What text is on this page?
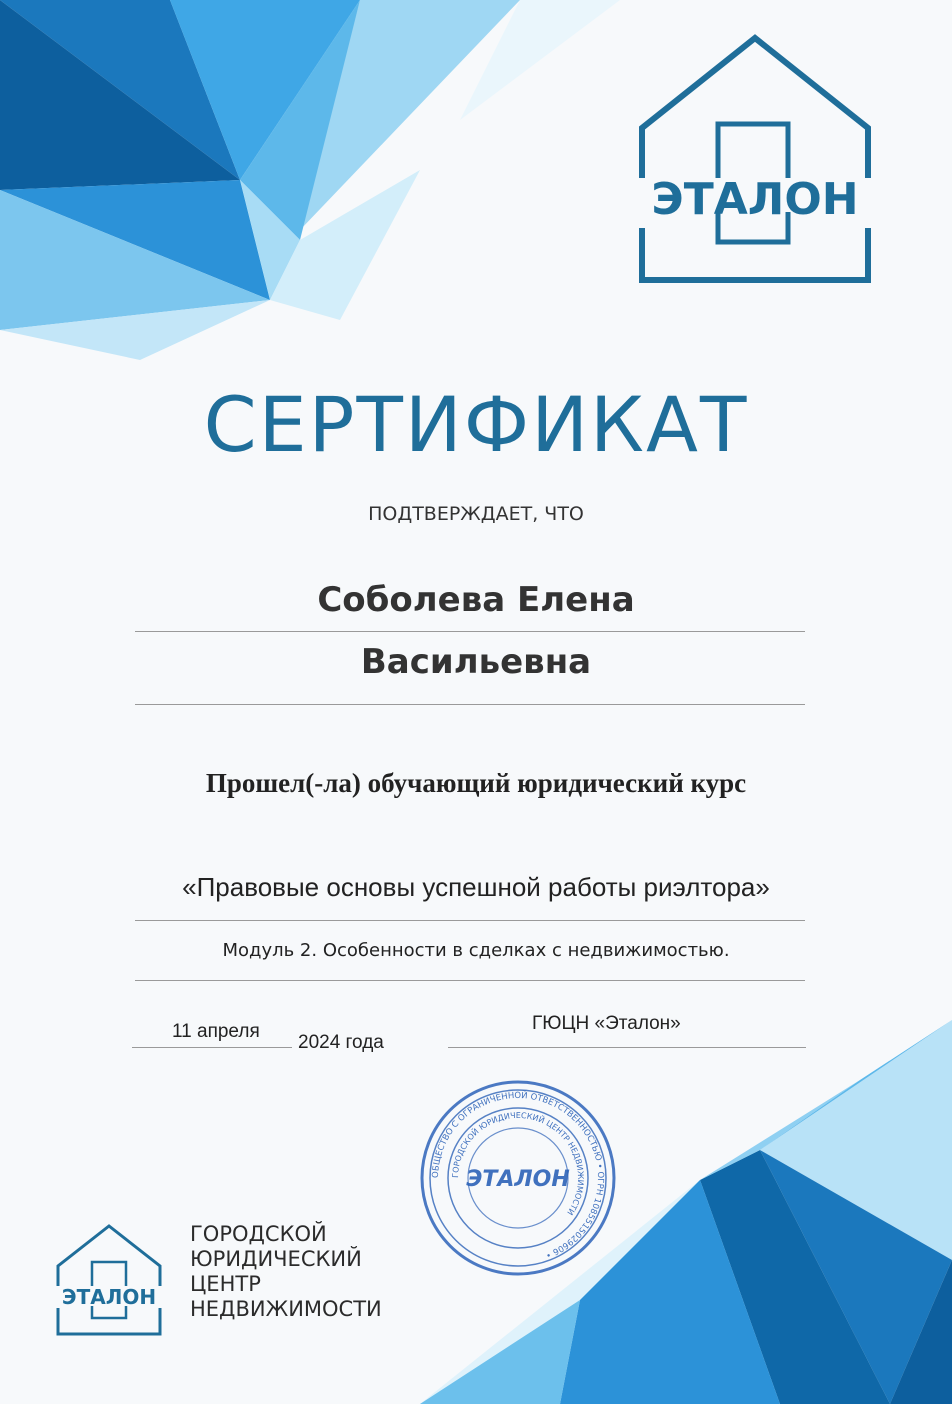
ЭТАЛОН
СЕРТИФИКАТ
ПОДТВЕРЖДАЕТ, ЧТО
Соболева Елена
Васильевна
Прошел(-ла) обучающий юридический курс
«Правовые основы успешной работы риэлтора»
Модуль 2. Особенности в сделках с недвижимостью.
11 апреля
2024 года
ГЮЦН «Эталон»
ОБЩЕСТВО С ОГРАНИЧЕННОЙ ОТВЕТСТВЕННОСТЬЮ • ОГРН 1085515029606 •
ГОРОДСКОЙ ЮРИДИЧЕСКИЙ ЦЕНТР НЕДВИЖИМОСТИ
ЭТАЛОН
ЭТАЛОН
ГОРОДСКОЙ
ЮРИДИЧЕСКИЙ
ЦЕНТР
НЕДВИЖИМОСТИ
